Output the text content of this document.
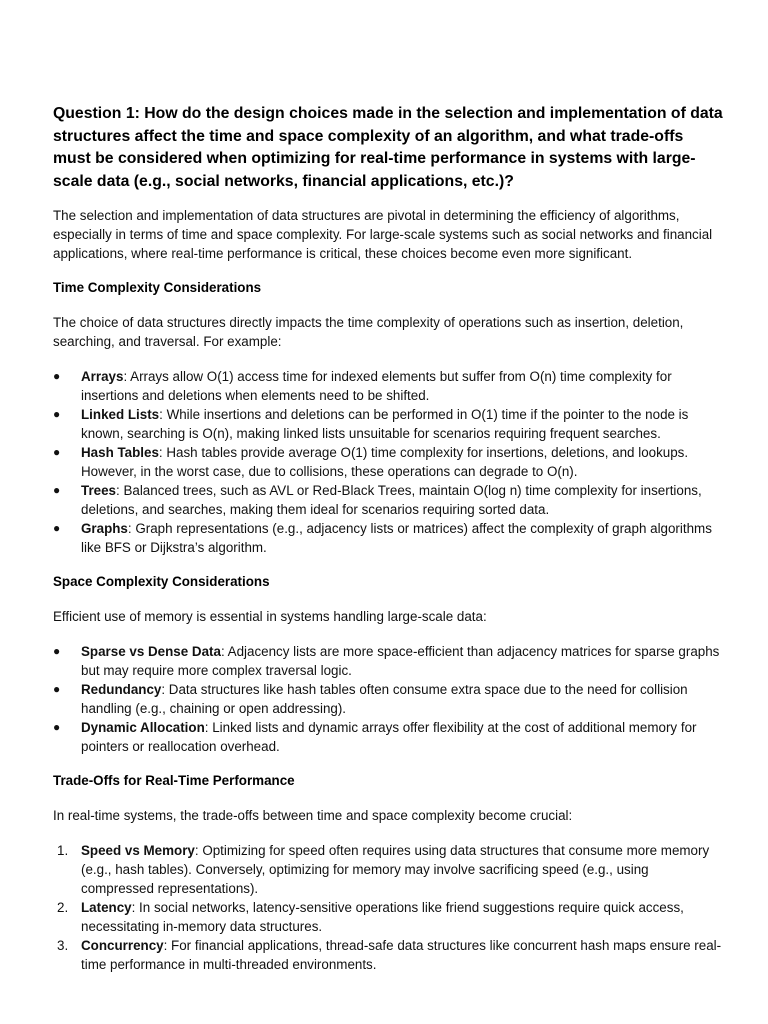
Question 1: How do the design choices made in the selection and implementation of data structures affect the time and space complexity of an algorithm, and what trade-offs must be considered when optimizing for real-time performance in systems with large-scale data (e.g., social networks, financial applications, etc.)?

The selection and implementation of data structures are pivotal in determining the efficiency of algorithms, especially in terms of time and space complexity. For large-scale systems such as social networks and financial applications, where real-time performance is critical, these choices become even more significant.

Time Complexity Considerations

The choice of data structures directly impacts the time complexity of operations such as insertion, deletion, searching, and traversal. For example:

●	Arrays: Arrays allow O(1) access time for indexed elements but suffer from O(n) time complexity for insertions and deletions when elements need to be shifted.
●	Linked Lists: While insertions and deletions can be performed in O(1) time if the pointer to the node is known, searching is O(n), making linked lists unsuitable for scenarios requiring frequent searches.
●	Hash Tables: Hash tables provide average O(1) time complexity for insertions, deletions, and lookups. However, in the worst case, due to collisions, these operations can degrade to O(n).
●	Trees: Balanced trees, such as AVL or Red-Black Trees, maintain O(log n) time complexity for insertions, deletions, and searches, making them ideal for scenarios requiring sorted data.
●	Graphs: Graph representations (e.g., adjacency lists or matrices) affect the complexity of graph algorithms like BFS or Dijkstra’s algorithm.
Space Complexity Considerations

Efficient use of memory is essential in systems handling large-scale data:

●	Sparse vs Dense Data: Adjacency lists are more space-efficient than adjacency matrices for sparse graphs but may require more complex traversal logic.
●	Redundancy: Data structures like hash tables often consume extra space due to the need for collision handling (e.g., chaining or open addressing).
●	Dynamic Allocation: Linked lists and dynamic arrays offer flexibility at the cost of additional memory for pointers or reallocation overhead.
Trade-Offs for Real-Time Performance

In real-time systems, the trade-offs between time and space complexity become crucial:

1. Speed vs Memory: Optimizing for speed often requires using data structures that consume more memory (e.g., hash tables). Conversely, optimizing for memory may involve sacrificing speed (e.g., using compressed representations).
2. Latency: In social networks, latency-sensitive operations like friend suggestions require quick access, necessitating in-memory data structures.
3. Concurrency: For financial applications, thread-safe data structures like concurrent hash maps ensure real-time performance in multi-threaded environments.
